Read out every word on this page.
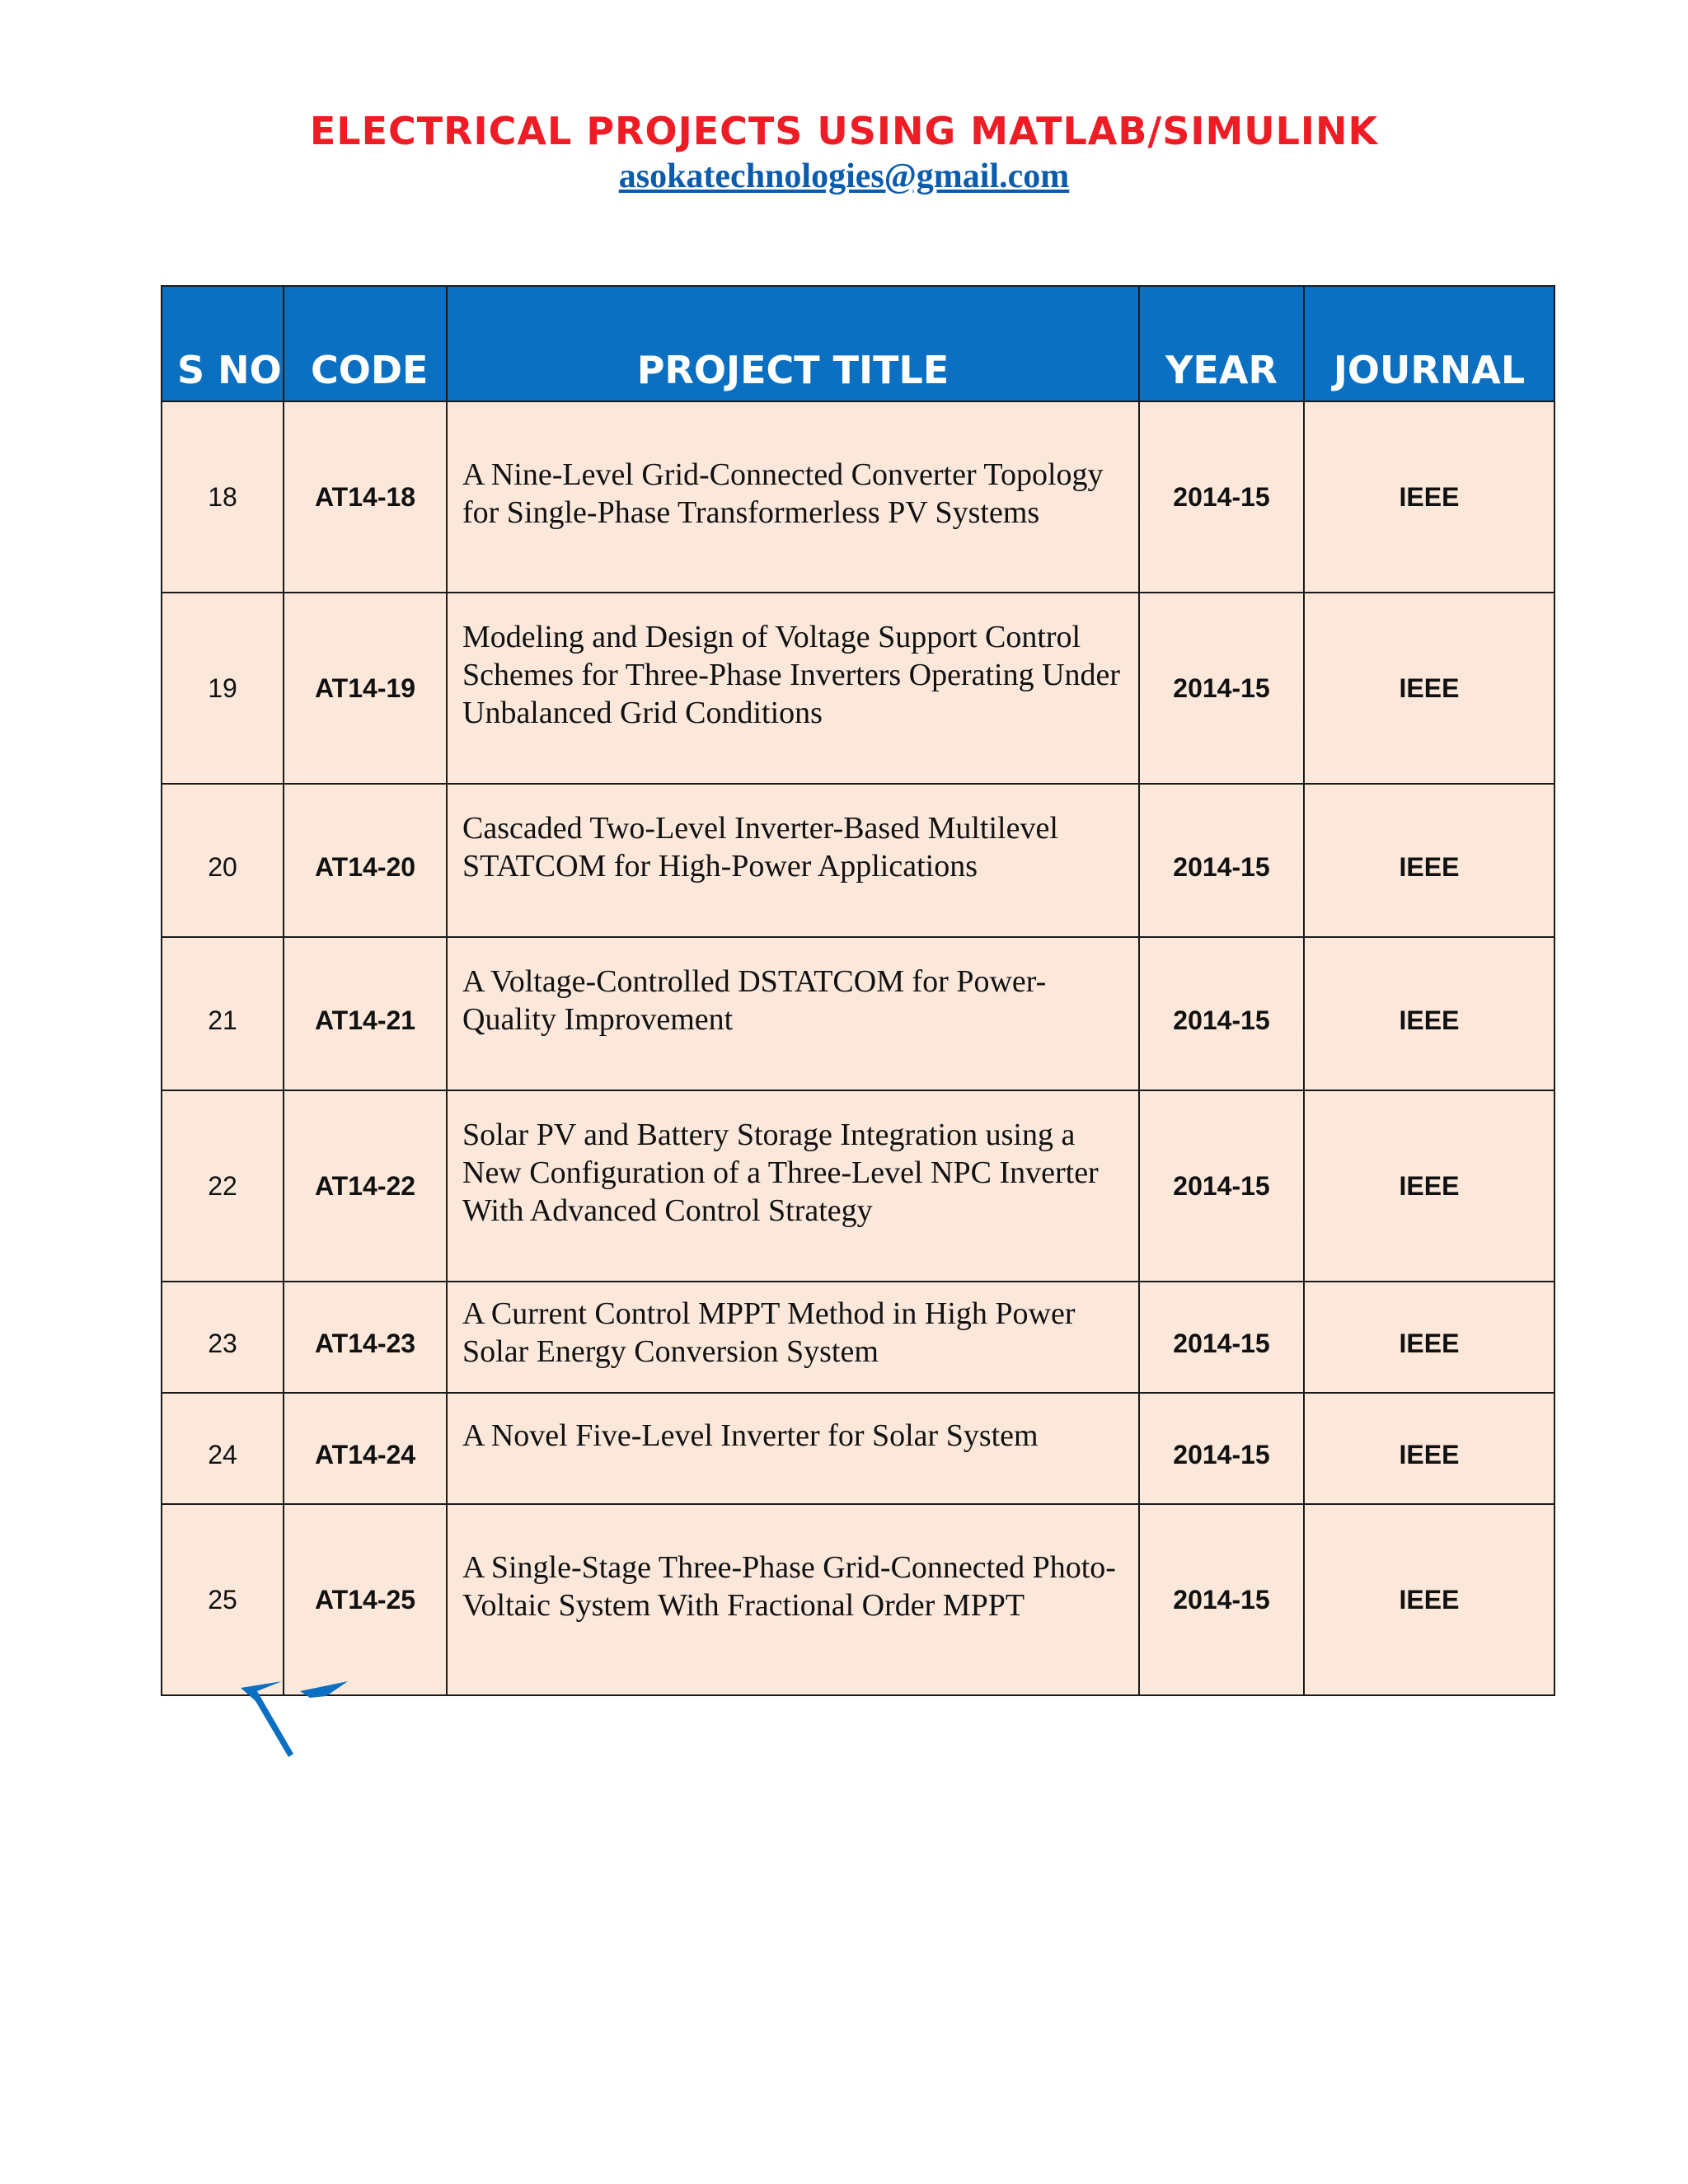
ELECTRICAL PROJECTS USING MATLAB/SIMULINK
asokatechnologies@gmail.com
S NO	CODE	PROJECT TITLE	YEAR	JOURNAL
18	AT14-18	A Nine-Level Grid-Connected Converter Topology for Single-Phase Transformerless PV Systems	2014-15	IEEE
19	AT14-19	Modeling and Design of Voltage Support Control Schemes for Three-Phase Inverters Operating Under Unbalanced Grid Conditions	2014-15	IEEE
20	AT14-20	Cascaded Two-Level Inverter-Based Multilevel STATCOM for High-Power Applications	2014-15	IEEE
21	AT14-21	A Voltage-Controlled DSTATCOM for Power-Quality Improvement	2014-15	IEEE
22	AT14-22	Solar PV and Battery Storage Integration using a New Configuration of a Three-Level NPC Inverter With Advanced Control Strategy	2014-15	IEEE
23	AT14-23	A Current Control MPPT Method in High Power Solar Energy Conversion System	2014-15	IEEE
24	AT14-24	A Novel Five-Level Inverter for Solar System	2014-15	IEEE
25	AT14-25	A Single-Stage Three-Phase Grid-Connected Photo-Voltaic System With Fractional Order MPPT	2014-15	IEEE
